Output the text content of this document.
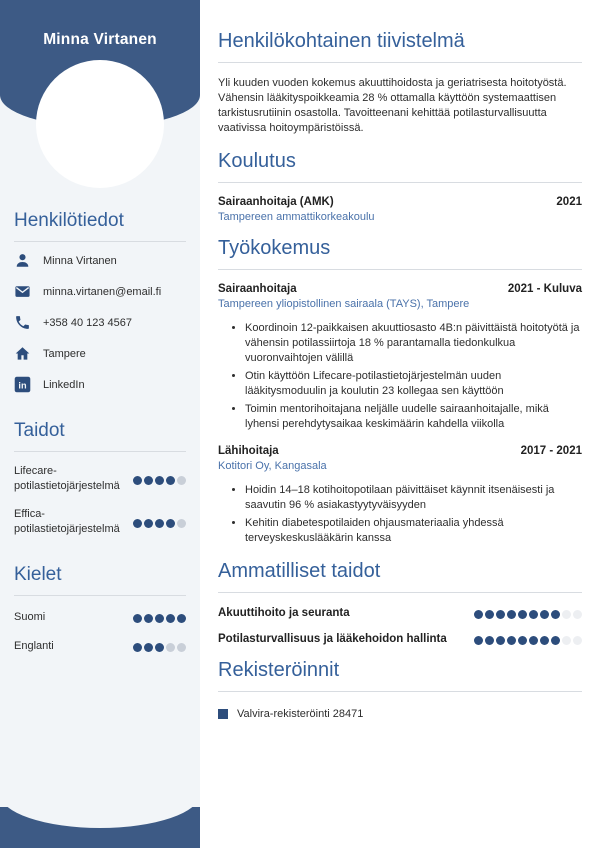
Minna Virtanen
Henkilötiedot
Minna Virtanen
minna.virtanen@email.fi
+358 40 123 4567
Tampere
in LinkedIn
Taidot
Lifecare-potilastietojärjestelmä
Effica-potilastietojärjestelmä
Kielet
Suomi
Englanti
Henkilökohtainen tiivistelmä

Yli kuuden vuoden kokemus akuuttihoidosta ja geriatrisesta hoitotyöstä. Vähensin lääkityspoikkeamia 28 % ottamalla käyttöön systemaattisen tarkistusrutiinin osastolla. Tavoitteenani kehittää potilasturvallisuutta vaativissa hoitoympäristöissä.

Koulutus
Sairaanhoitaja (AMK)	2021
Tampereen ammattikorkeakoulu
Työkokemus
Sairaanhoitaja	2021 - Kuluva
Tampereen yliopistollinen sairaala (TAYS), Tampere
• Koordinoin 12-paikkaisen akuuttiosasto 4B:n päivittäistä hoitotyötä ja vähensin potilassiirtoja 18 % parantamalla tiedonkulkua vuoronvaihtojen välillä
• Otin käyttöön Lifecare-potilastietojärjestelmän uuden lääkitysmoduulin ja koulutin 23 kollegaa sen käyttöön
• Toimin mentorihoitajana neljälle uudelle sairaanhoitajalle, mikä lyhensi perehdytysaikaa keskimäärin kahdella viikolla
Lähihoitaja	2017 - 2021
Kotitori Oy, Kangasala
• Hoidin 14–18 kotihoitopotilaan päivittäiset käynnit itsenäisesti ja saavutin 96 % asiakastyytyväisyyden
• Kehitin diabetespotilaiden ohjausmateriaalia yhdessä terveyskeskuslääkärin kanssa
Ammatilliset taidot
Akuuttihoito ja seuranta
Potilasturvallisuus ja lääkehoidon hallinta
Rekisteröinnit
Valvira-rekisteröinti 28471
